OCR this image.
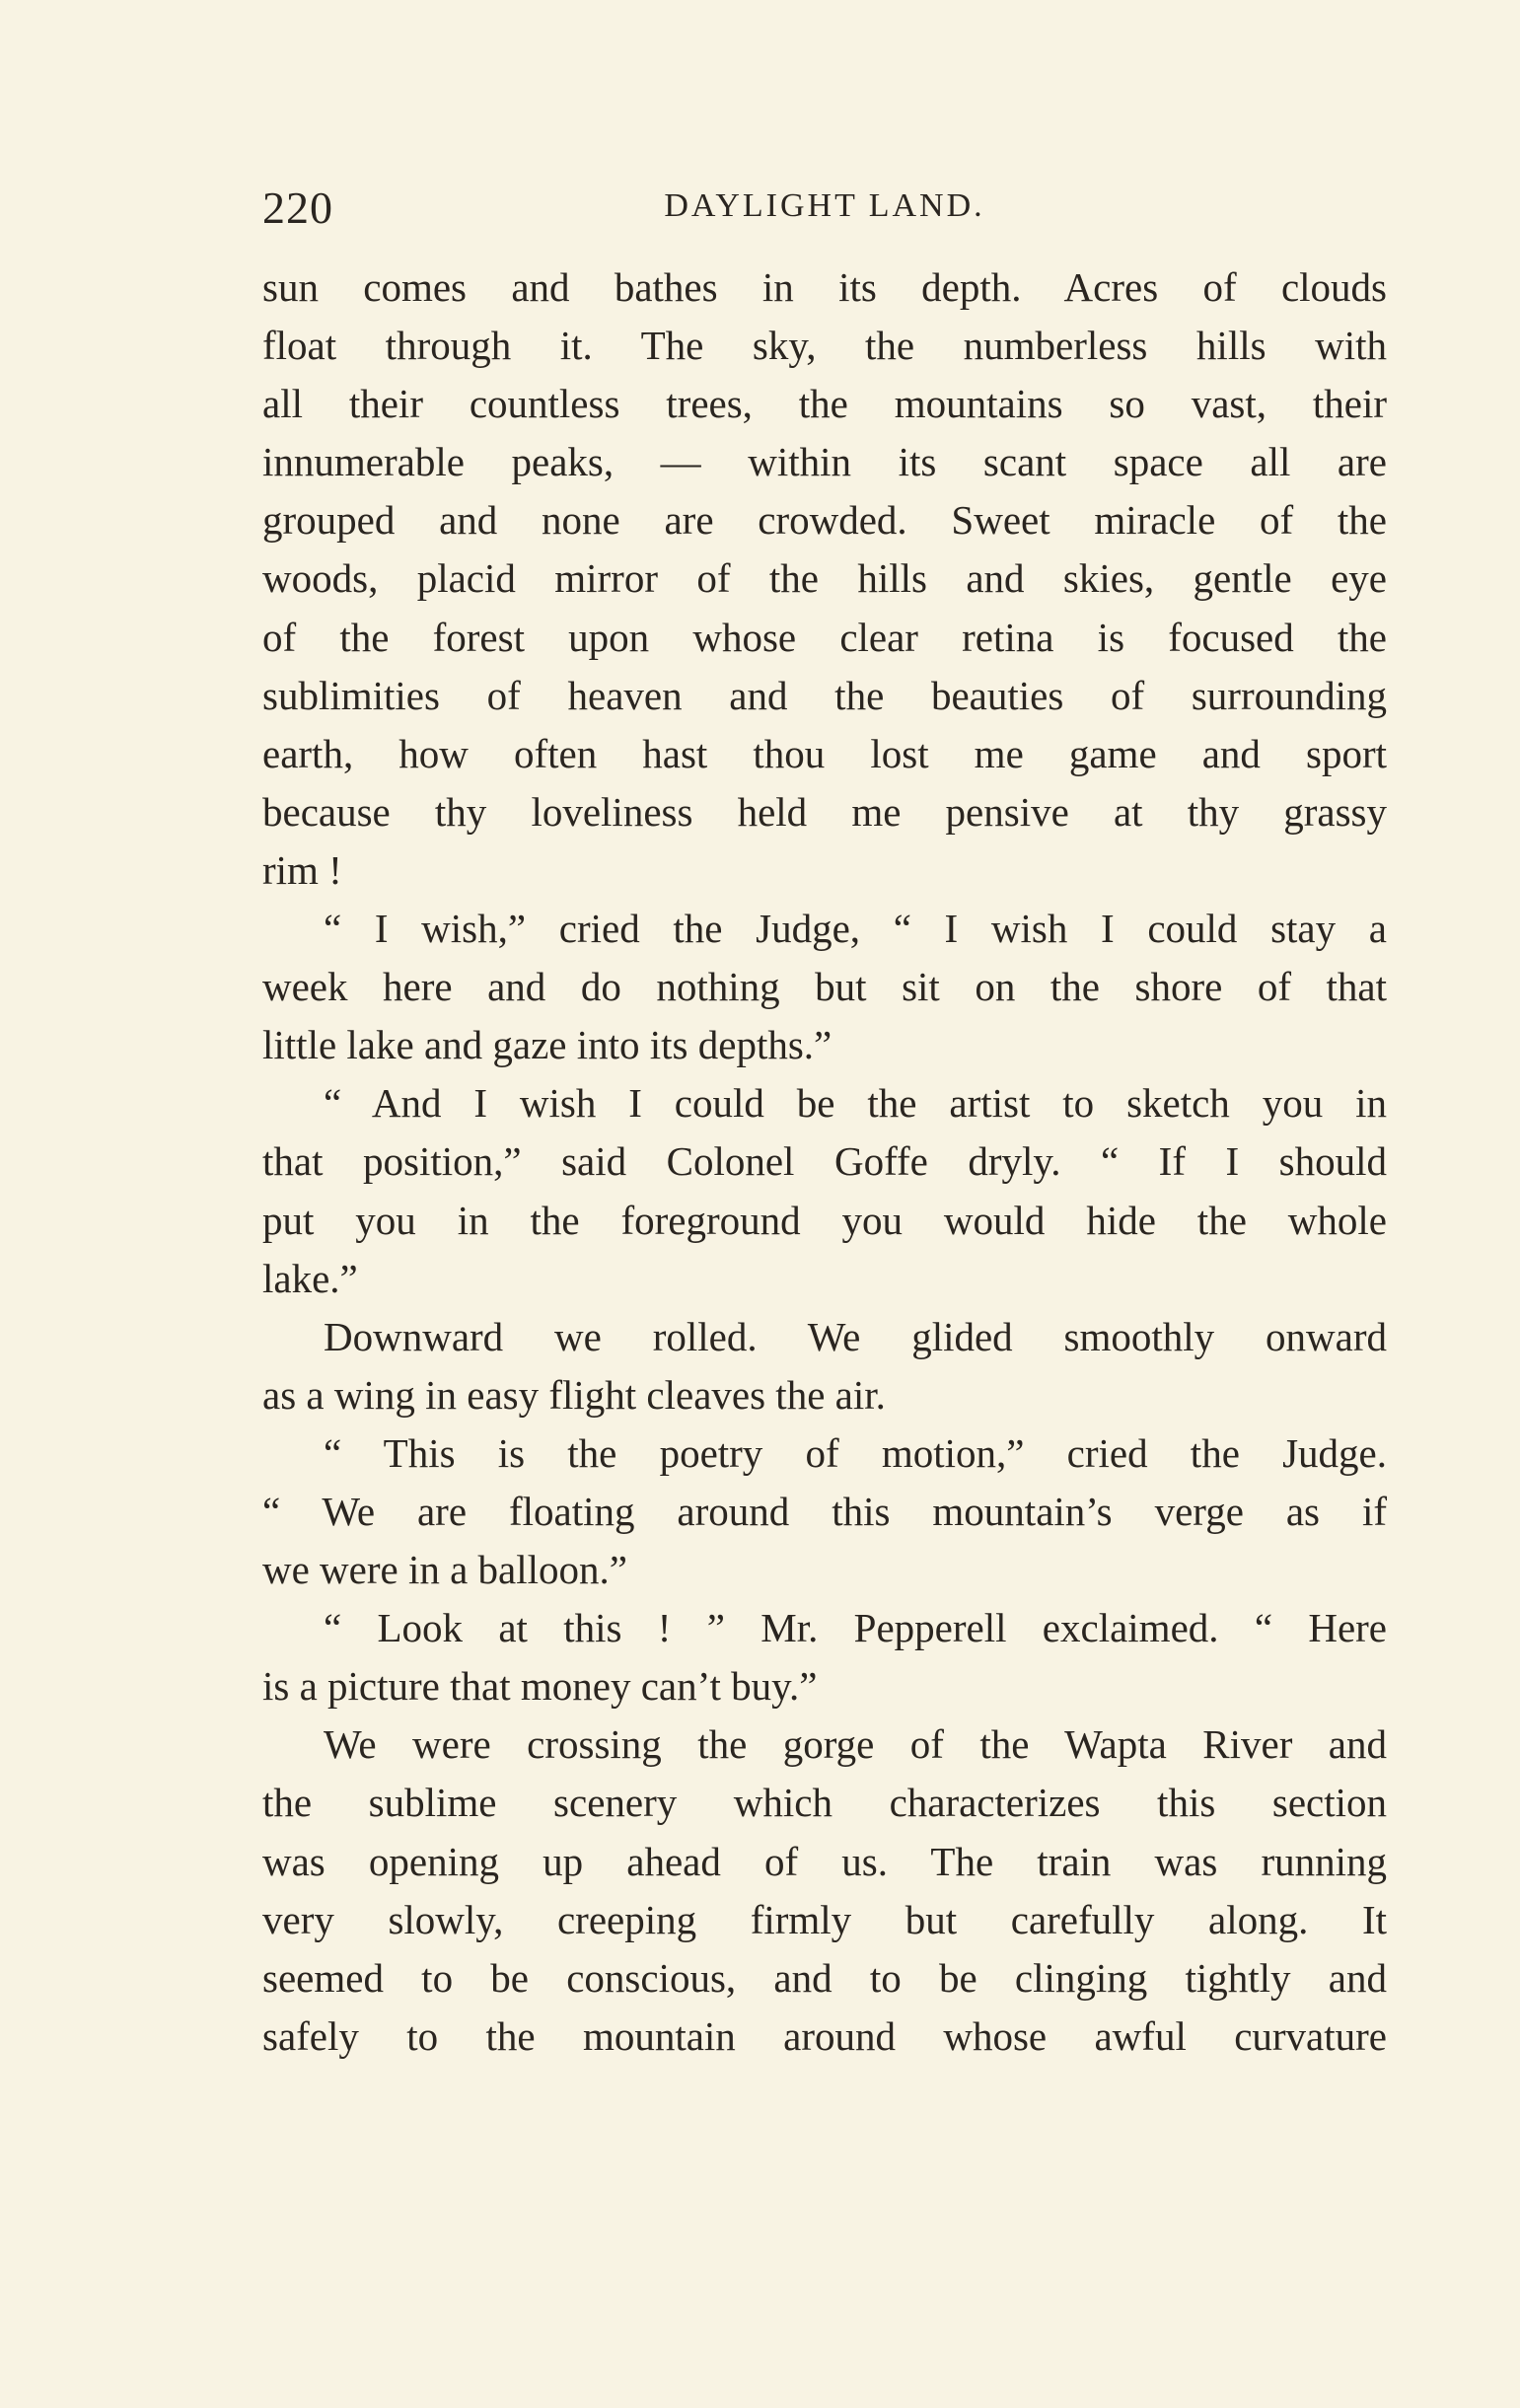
220	DAYLIGHT LAND.
sun comes and bathes in its depth. Acres of clouds
float through it. The sky, the numberless hills with
all their countless trees, the mountains so vast, their
innumerable peaks, — within its scant space all are
grouped and none are crowded. Sweet miracle of the
woods, placid mirror of the hills and skies, gentle eye
of the forest upon whose clear retina is focused the
sublimities of heaven and the beauties of surrounding
earth, how often hast thou lost me game and sport
because thy loveliness held me pensive at thy grassy
rim !
“ I wish,” cried the Judge, “ I wish I could stay a
week here and do nothing but sit on the shore of that
little lake and gaze into its depths.”
“ And I wish I could be the artist to sketch you in
that position,” said Colonel Goffe dryly. “ If I should
put you in the foreground you would hide the whole
lake.”
Downward we rolled. We glided smoothly onward
as a wing in easy flight cleaves the air.
“ This is the poetry of motion,” cried the Judge.
“ We are floating around this mountain’s verge as if
we were in a balloon.”
“ Look at this ! ” Mr. Pepperell exclaimed. “ Here
is a picture that money can’t buy.”
We were crossing the gorge of the Wapta River and
the sublime scenery which characterizes this section
was opening up ahead of us. The train was running
very slowly, creeping firmly but carefully along. It
seemed to be conscious, and to be clinging tightly and
safely to the mountain around whose awful curvature
